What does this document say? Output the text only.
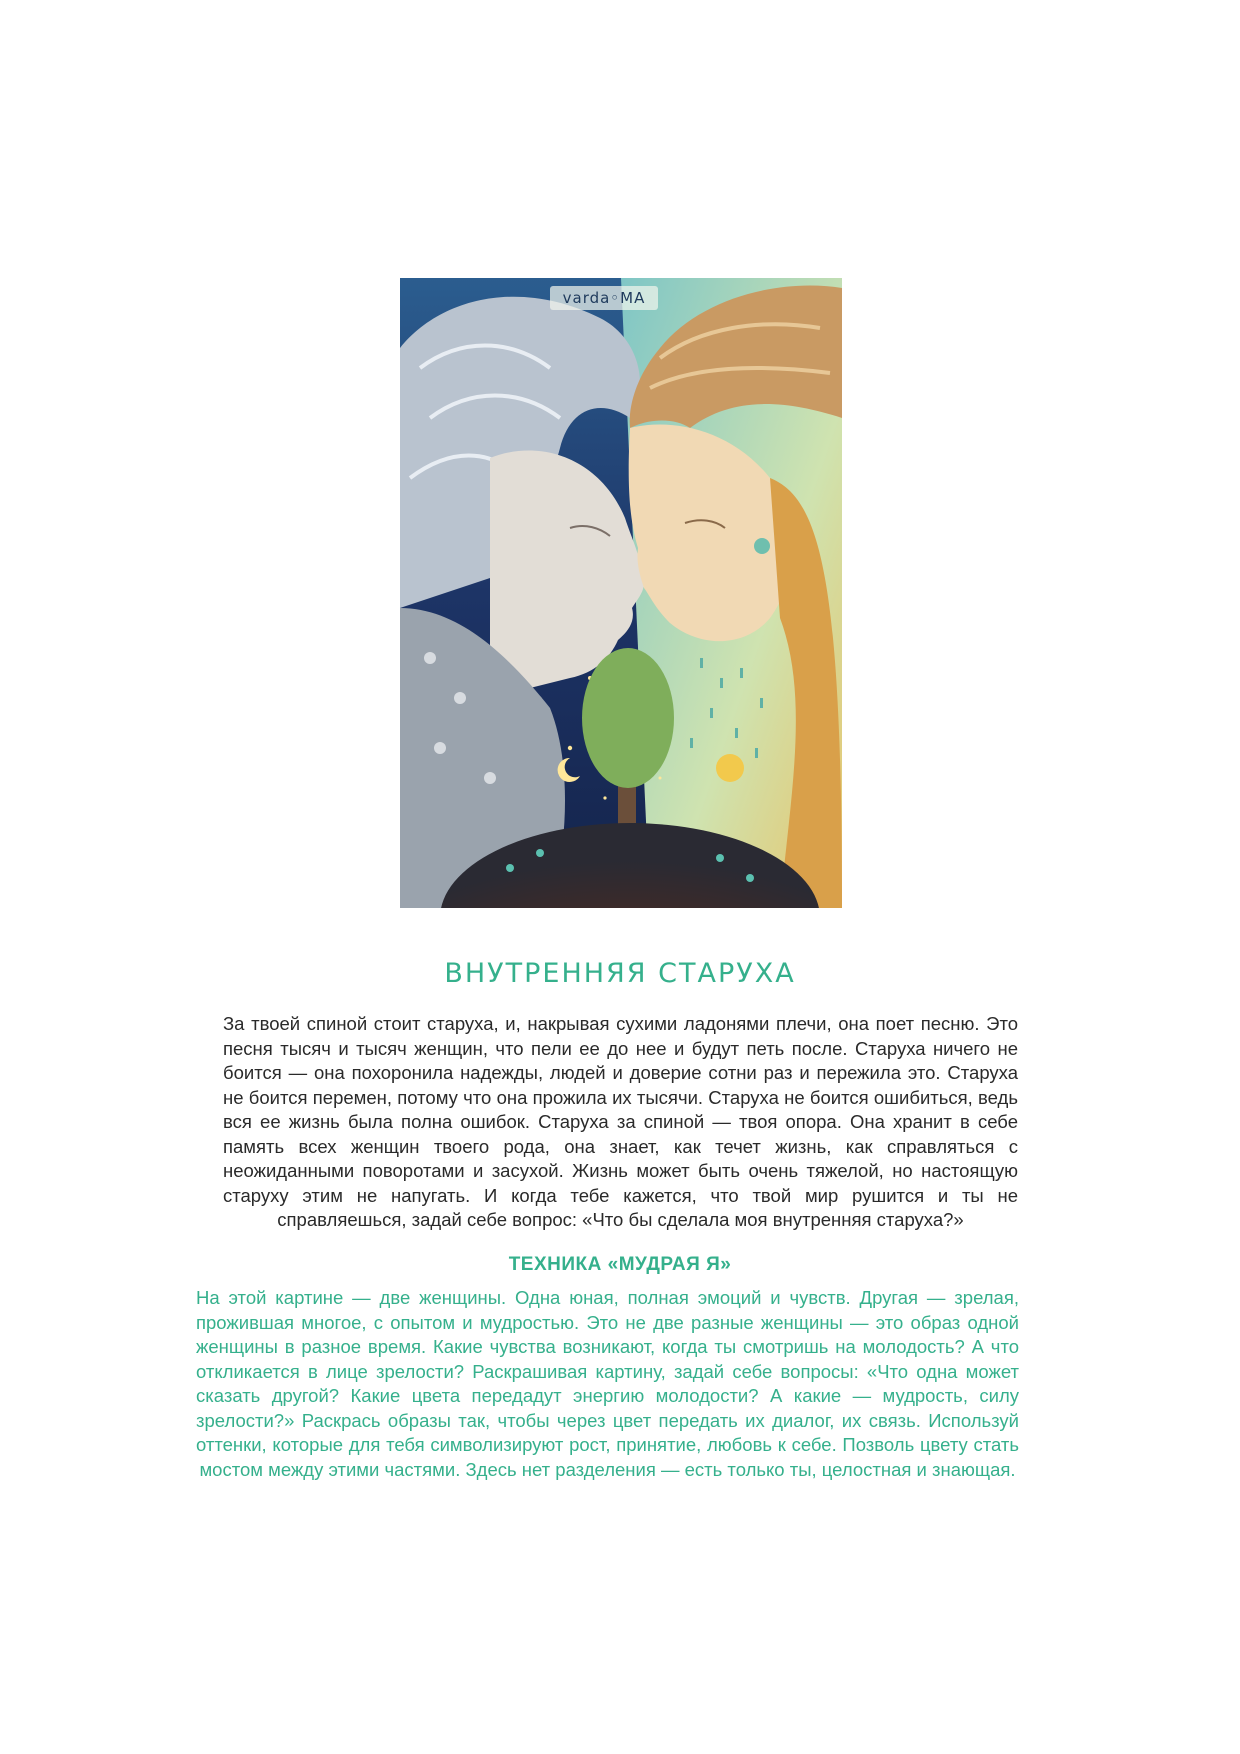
varda◦MA
ВНУТРЕННЯЯ СТАРУХА

За твоей спиной стоит старуха, и, накрывая сухими ладонями плечи, она поет песню. Это песня тысяч и тысяч женщин, что пели ее до нее и будут петь после. Старуха ничего не боится — она похоронила надежды, людей и доверие сотни раз и пережила это. Старуха не боится перемен, потому что она прожила их тысячи. Старуха не боится ошибиться, ведь вся ее жизнь была полна ошибок. Старуха за спиной — твоя опора. Она хранит в себе память всех женщин твоего рода, она знает, как течет жизнь, как справляться с неожиданными поворотами и засухой. Жизнь может быть очень тяжелой, но настоящую старуху этим не напугать. И когда тебе кажется, что твой мир рушится и ты не справляешься, задай себе вопрос: «Что бы сделала моя внутренняя старуха?»

ТЕХНИКА «МУДРАЯ Я»

На этой картине — две женщины. Одна юная, полная эмоций и чувств. Другая — зрелая, прожившая многое, с опытом и мудростью. Это не две разные женщины — это образ одной женщины в разное время. Какие чувства возникают, когда ты смотришь на молодость? А что откликается в лице зрелости? Раскрашивая картину, задай себе вопросы: «Что одна может сказать другой? Какие цвета передадут энергию молодости? А какие — мудрость, силу зрелости?» Раскрась образы так, чтобы через цвет передать их диалог, их связь. Используй оттенки, которые для тебя символизируют рост, принятие, любовь к себе. Позволь цвету стать мостом между этими частями. Здесь нет разделения — есть только ты, целостная и знающая.
